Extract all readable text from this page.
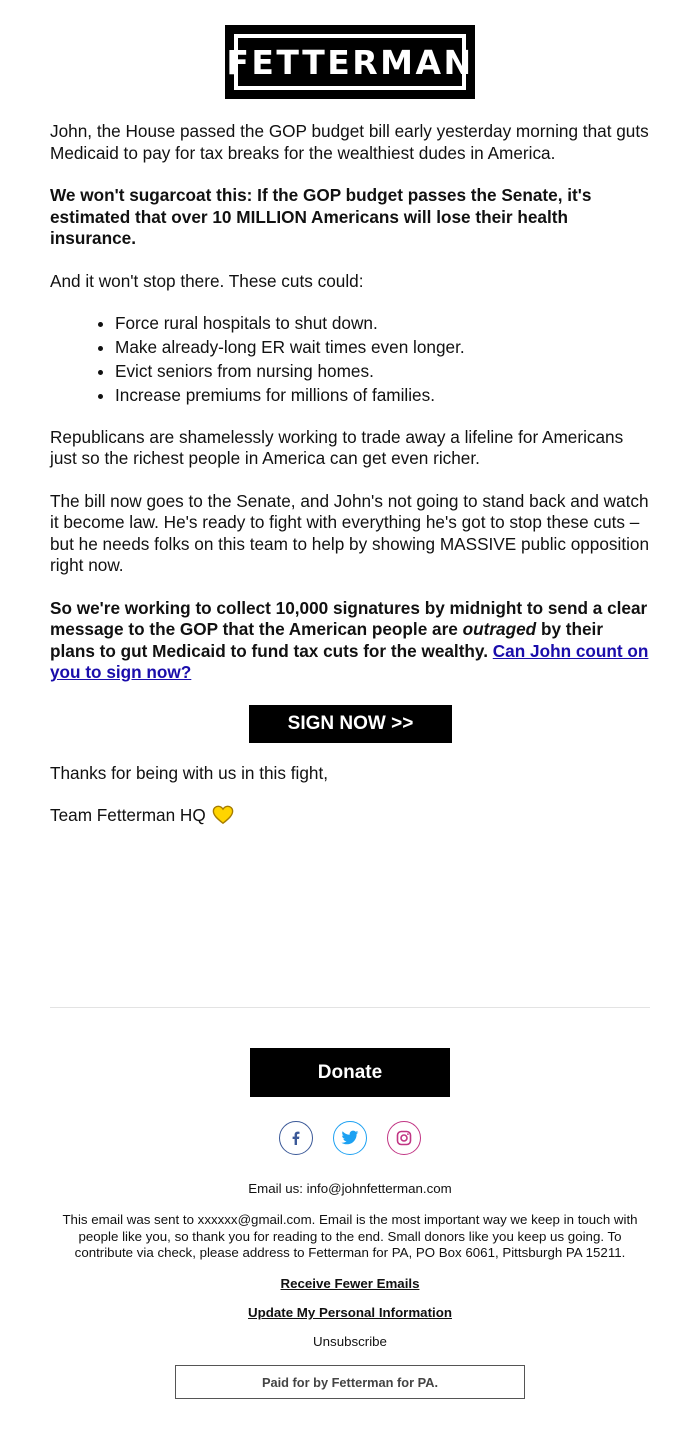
FETTERMAN

John, the House passed the GOP budget bill early yesterday morning that guts Medicaid to pay for tax breaks for the wealthiest dudes in America.

We won't sugarcoat this: If the GOP budget passes the Senate, it's estimated that over 10 MILLION Americans will lose their health insurance.

And it won't stop there. These cuts could:

• Force rural hospitals to shut down.
• Make already-long ER wait times even longer.
• Evict seniors from nursing homes.
• Increase premiums for millions of families.

Republicans are shamelessly working to trade away a lifeline for Americans just so the richest people in America can get even richer.

The bill now goes to the Senate, and John's not going to stand back and watch it become law. He's ready to fight with everything he's got to stop these cuts – but he needs folks on this team to help by showing MASSIVE public opposition right now.

So we're working to collect 10,000 signatures by midnight to send a clear message to the GOP that the American people are outraged by their plans to gut Medicaid to fund tax cuts for the wealthy. Can John count on you to sign now?

SIGN NOW >>
Thanks for being with us in this fight,
Team Fetterman HQ
Donate
Email us: info@johnfetterman.com
This email was sent to xxxxxx@gmail.com. Email is the most important way we keep in touch with people like you, so thank you for reading to the end. Small donors like you keep us going. To contribute via check, please address to Fetterman for PA, PO Box 6061, Pittsburgh PA 15211.
Receive Fewer Emails
Update My Personal Information
Unsubscribe
Paid for by Fetterman for PA.
